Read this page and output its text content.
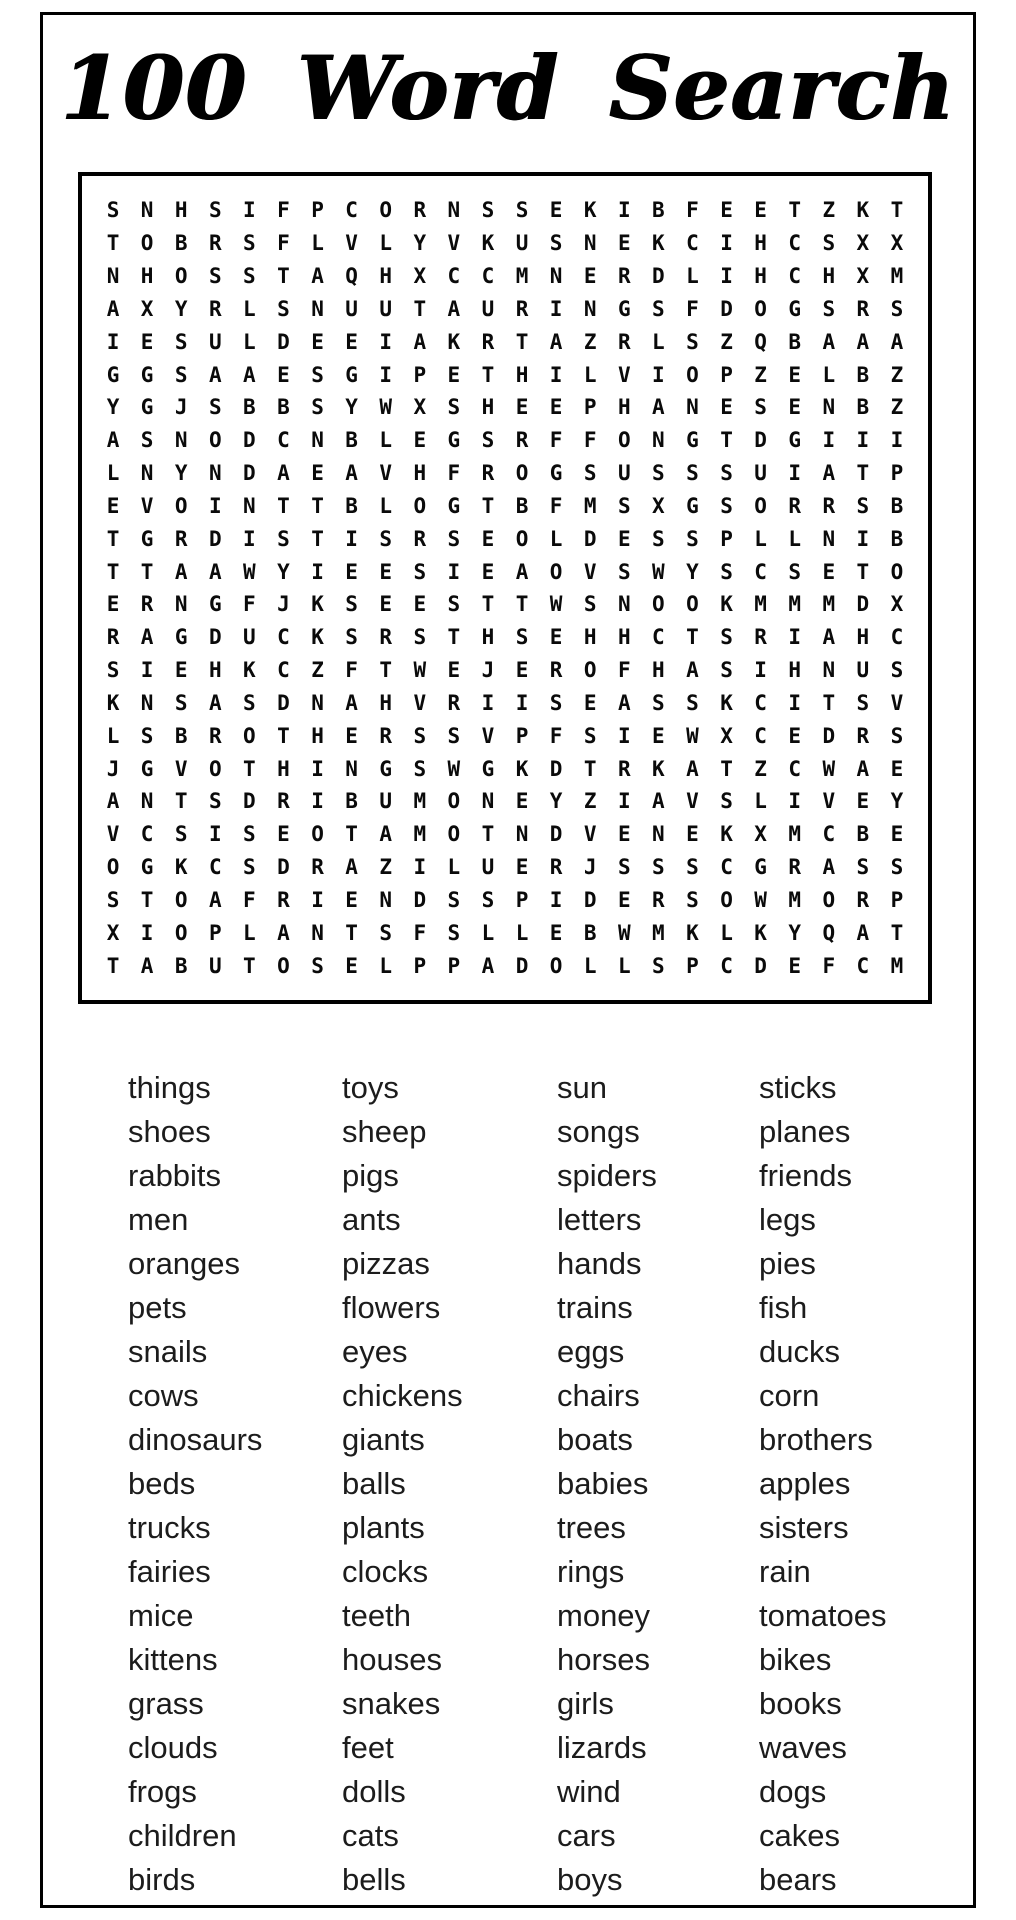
100 Word Search
S	N	H	S	I	F	P	C	O	R	N	S	S	E	K	I	B	F	E	E	T	Z	K	T
T	O	B	R	S	F	L	V	L	Y	V	K	U	S	N	E	K	C	I	H	C	S	X	X
N	H	O	S	S	T	A	Q	H	X	C	C	M	N	E	R	D	L	I	H	C	H	X	M
A	X	Y	R	L	S	N	U	U	T	A	U	R	I	N	G	S	F	D	O	G	S	R	S
I	E	S	U	L	D	E	E	I	A	K	R	T	A	Z	R	L	S	Z	Q	B	A	A	A
G	G	S	A	A	E	S	G	I	P	E	T	H	I	L	V	I	O	P	Z	E	L	B	Z
Y	G	J	S	B	B	S	Y	W	X	S	H	E	E	P	H	A	N	E	S	E	N	B	Z
A	S	N	O	D	C	N	B	L	E	G	S	R	F	F	O	N	G	T	D	G	I	I	I
L	N	Y	N	D	A	E	A	V	H	F	R	O	G	S	U	S	S	S	U	I	A	T	P
E	V	O	I	N	T	T	B	L	O	G	T	B	F	M	S	X	G	S	O	R	R	S	B
T	G	R	D	I	S	T	I	S	R	S	E	O	L	D	E	S	S	P	L	L	N	I	B
T	T	A	A	W	Y	I	E	E	S	I	E	A	O	V	S	W	Y	S	C	S	E	T	O
E	R	N	G	F	J	K	S	E	E	S	T	T	W	S	N	O	O	K	M	M	M	D	X
R	A	G	D	U	C	K	S	R	S	T	H	S	E	H	H	C	T	S	R	I	A	H	C
S	I	E	H	K	C	Z	F	T	W	E	J	E	R	O	F	H	A	S	I	H	N	U	S
K	N	S	A	S	D	N	A	H	V	R	I	I	S	E	A	S	S	K	C	I	T	S	V
L	S	B	R	O	T	H	E	R	S	S	V	P	F	S	I	E	W	X	C	E	D	R	S
J	G	V	O	T	H	I	N	G	S	W	G	K	D	T	R	K	A	T	Z	C	W	A	E
A	N	T	S	D	R	I	B	U	M	O	N	E	Y	Z	I	A	V	S	L	I	V	E	Y
V	C	S	I	S	E	O	T	A	M	O	T	N	D	V	E	N	E	K	X	M	C	B	E
O	G	K	C	S	D	R	A	Z	I	L	U	E	R	J	S	S	S	C	G	R	A	S	S
S	T	O	A	F	R	I	E	N	D	S	S	P	I	D	E	R	S	O	W	M	O	R	P
X	I	O	P	L	A	N	T	S	F	S	L	L	E	B	W	M	K	L	K	Y	Q	A	T
T	A	B	U	T	O	S	E	L	P	P	A	D	O	L	L	S	P	C	D	E	F	C	M
things
shoes
rabbits
men
oranges
pets
snails
cows
dinosaurs
beds
trucks
fairies
mice
kittens
grass
clouds
frogs
children
birds
toys
sheep
pigs
ants
pizzas
flowers
eyes
chickens
giants
balls
plants
clocks
teeth
houses
snakes
feet
dolls
cats
bells
sun
songs
spiders
letters
hands
trains
eggs
chairs
boats
babies
trees
rings
money
horses
girls
lizards
wind
cars
boys
sticks
planes
friends
legs
pies
fish
ducks
corn
brothers
apples
sisters
rain
tomatoes
bikes
books
waves
dogs
cakes
bears
